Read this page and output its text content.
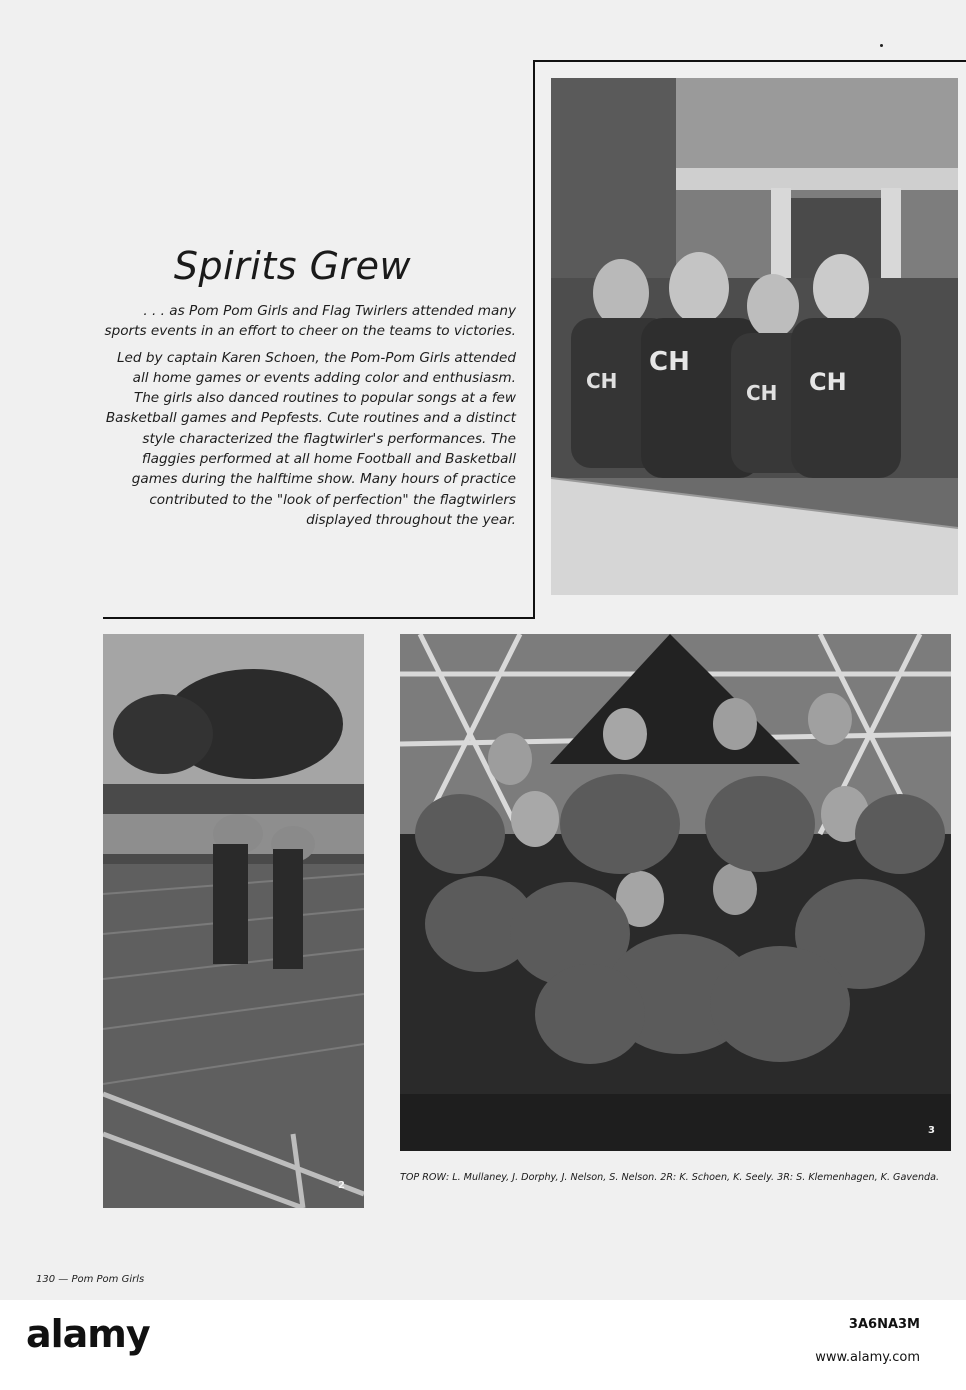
Spirits Grew

. . . as Pom Pom Girls and Flag Twirlers attended many sports events in an effort to cheer on the teams to victories.

Led by captain Karen Schoen, the Pom-Pom Girls attended all home games or events adding color and enthusiasm. The girls also danced routines to popular songs at a few Basketball games and Pepfests. Cute routines and a distinct style characterized the flagtwirler's performances. The flaggies performed at all home Football and Basketball games during the halftime show. Many hours of practice contributed to the "look of perfection" the flagtwirlers displayed throughout the year.

CH
CH
CH	CH
2
3
TOP ROW: L. Mullaney, J. Dorphy, J. Nelson, S. Nelson. 2R: K. Schoen, K. Seely. 3R: S. Klemenhagen, K. Gavenda.
130 — Pom Pom Girls
alamy	3A6NA3M
www.alamy.com
